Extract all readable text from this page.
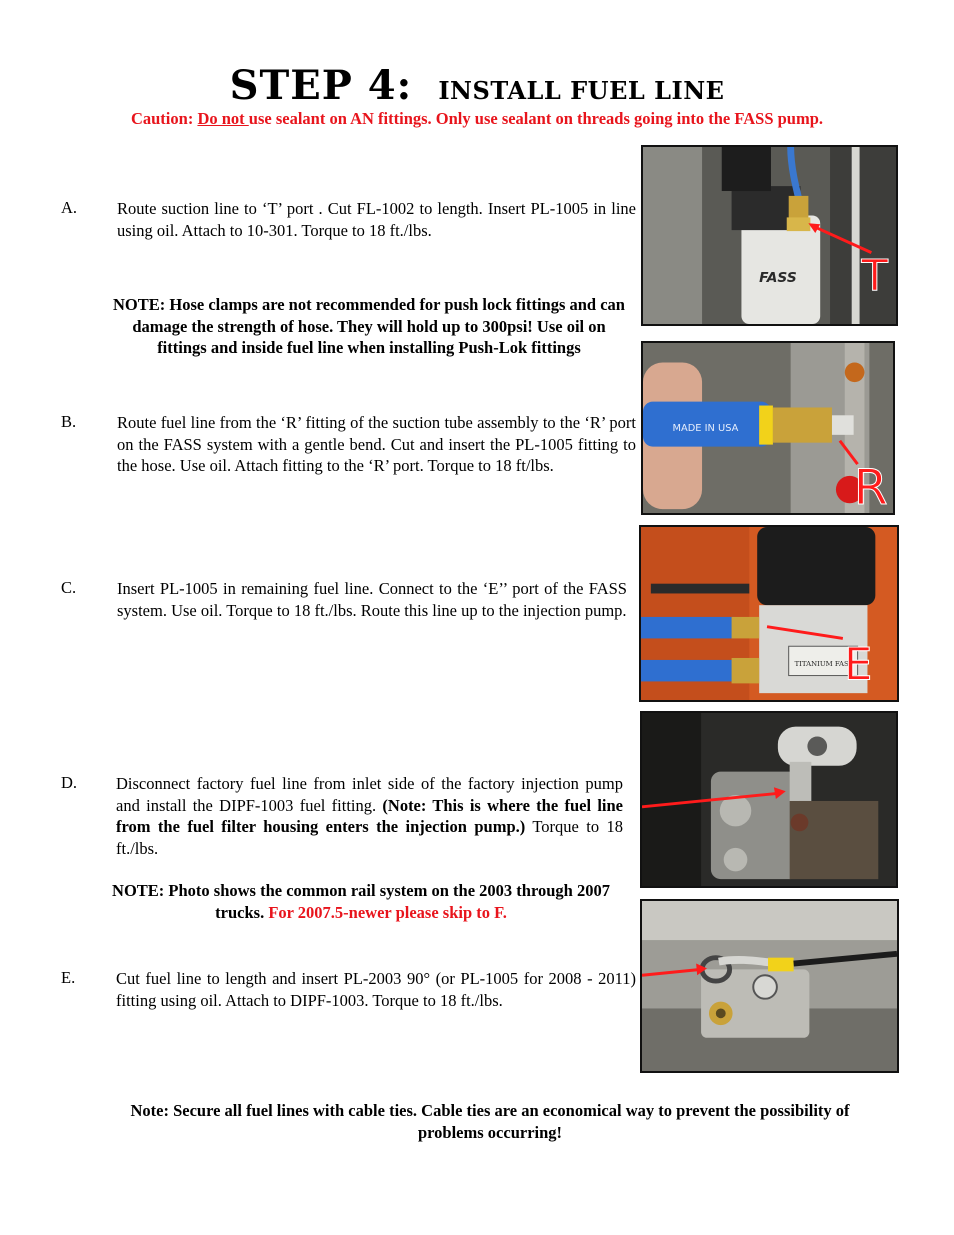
STEP 4: INSTALL FUEL LINE
Caution: Do not use sealant on AN fittings. Only use sealant on threads going into the FASS pump.
A. Route suction line to ‘T’ port . Cut FL-1002 to length. Insert PL-1005 in line using oil. Attach to 10-301. Torque to 18 ft./lbs.
NOTE: Hose clamps are not recommended for push lock fittings and can damage the strength of hose. They will hold up to 300psi! Use oil on fittings and inside fuel line when installing Push-Lok fittings
B. Route fuel line from the ‘R’ fitting of the suction tube assembly to the ‘R’ port on the FASS system with a gentle bend. Cut and insert the PL-1005 fitting to the hose. Use oil. Attach fitting to the ‘R’ port. Torque to 18 ft/lbs.
C. Insert PL-1005 in remaining fuel line. Connect to the ‘E’’ port of the FASS system. Use oil. Torque to 18 ft./lbs. Route this line up to the injection pump.
D. Disconnect factory fuel line from inlet side of the factory injection pump and install the DIPF-1003 fuel fitting. (Note: This is where the fuel line from the fuel filter housing enters the injection pump.) Torque to 18 ft./lbs.
NOTE: Photo shows the common rail system on the 2003 through 2007 trucks. For 2007.5-newer please skip to F.
E. Cut fuel line to length and insert PL-2003 90° (or PL-1005 for 2008 - 2011) fitting using oil. Attach to DIPF-1003. Torque to 18 ft./lbs.
Note: Secure all fuel lines with cable ties. Cable ties are an economical way to prevent the possibility of problems occurring!
FASS T
MADE IN USA
R
TITANIUM FASS
E
